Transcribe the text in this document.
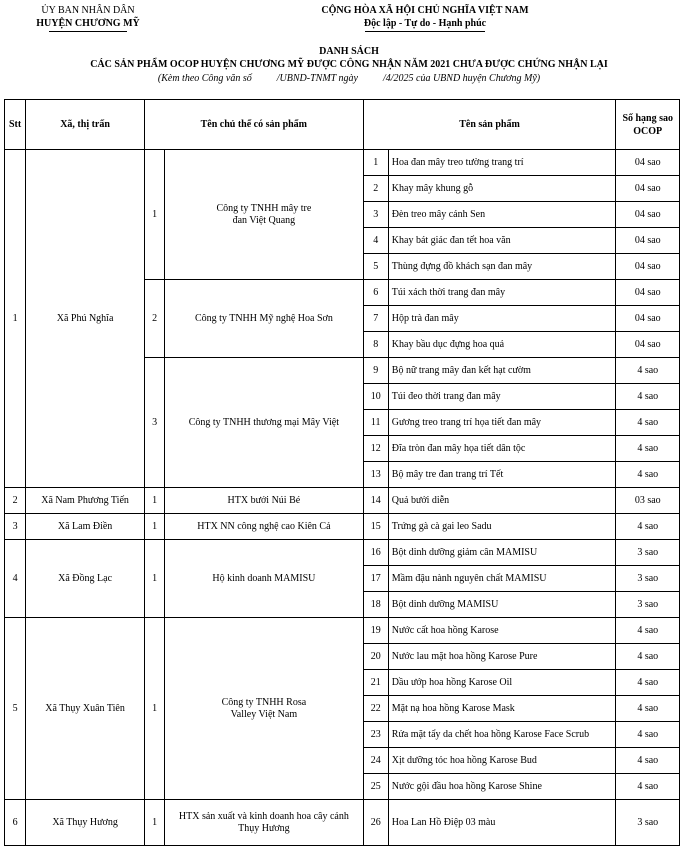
ỦY BAN NHÂN DÂN
HUYỆN CHƯƠNG MỸ
CỘNG HÒA XÃ HỘI CHỦ NGHĨA VIỆT NAM
Độc lập - Tự do - Hạnh phúc
DANH SÁCH
CÁC SẢN PHẨM OCOP HUYỆN CHƯƠNG MỸ ĐƯỢC CÔNG NHẬN NĂM 2021 CHƯA ĐƯỢC CHỨNG NHẬN LẠI
(Kèm theo Công văn số          /UBND-TNMT ngày          /4/2025 của UBND huyện Chương Mỹ)
Stt	Xã, thị trấn	Tên chủ thể có sản phẩm		Tên sản phẩm		Số hạng sao OCOP
1	Xã Phú Nghĩa	1	Công ty TNHH mây tre đan Việt Quang	1	Hoa đan mây treo tường trang trí	04 sao
				2	Khay mây khung gỗ	04 sao
				3	Đèn treo mây cánh Sen	04 sao
				4	Khay bát giác đan tết hoa văn	04 sao
				5	Thùng đựng đồ khách sạn đan mây	04 sao
		2	Công ty TNHH Mỹ nghệ Hoa Sơn	6	Túi xách thời trang đan mây	04 sao
				7	Hộp trà đan mây	04 sao
				8	Khay bầu dục đựng hoa quả	04 sao
		3	Công ty TNHH thương mại Mây Việt	9	Bộ nữ trang mây đan kết hạt cườm	4 sao
				10	Túi đeo thời trang đan mây	4 sao
				11	Gương treo trang trí họa tiết đan mây	4 sao
				12	Đĩa tròn đan mây họa tiết dân tộc	4 sao
				13	Bộ mây tre đan trang trí Tết	4 sao
2	Xã Nam Phương Tiến	1	HTX bưởi Núi Bé	14	Quả bưởi diễn	03 sao
3	Xã Lam Điền	1	HTX NN công nghệ cao Kiên Cả	15	Trứng gà cà gai leo Sadu	4 sao
4	Xã Đồng Lạc	1	Hộ kinh doanh MAMISU	16	Bột dinh dưỡng giảm cân MAMISU	3 sao
				17	Mầm đậu nành nguyên chất MAMISU	3 sao
				18	Bột dinh dưỡng MAMISU	3 sao
5	Xã Thụy Xuân Tiên	1	Công ty TNHH Rosa Valley Việt Nam	19	Nước cất hoa hồng Karose	4 sao
				20	Nước lau mặt hoa hồng Karose Pure	4 sao
				21	Dầu ướp hoa hồng Karose Oil	4 sao
				22	Mặt nạ hoa hồng Karose Mask	4 sao
				23	Rửa mặt tẩy da chết hoa hồng Karose Face Scrub	4 sao
				24	Xịt dưỡng tóc hoa hồng Karose Bud	4 sao
				25	Nước gội đầu hoa hồng Karose Shine	4 sao
6	Xã Thụy Hương	1	HTX sản xuất và kinh doanh hoa cây cảnh Thụy Hương	26	Hoa Lan Hồ Điệp 03 màu	3 sao
